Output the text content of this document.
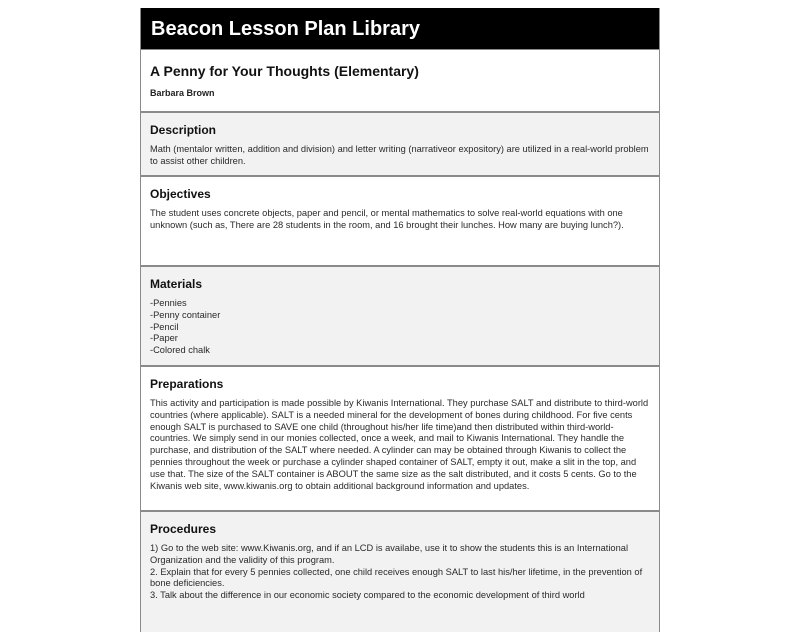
Beacon Lesson Plan Library
A Penny for Your Thoughts (Elementary)

Barbara Brown

Description

Math (mentalor written, addition and division) and letter writing (narrativeor expository) are utilized in a real-world problem to assist other children.

Objectives

The student uses concrete objects, paper and pencil, or mental mathematics to solve real-world equations with one unknown (such as, There are 28 students in the room, and 16 brought their lunches. How many are buying lunch?).

Materials
-Pennies
-Penny container
-Pencil
-Paper
-Colored chalk
Preparations

This activity and participation is made possible by Kiwanis International. They purchase SALT and distribute to third-world countries (where applicable). SALT is a needed mineral for the development of bones during childhood. For five cents enough SALT is purchased to SAVE one child (throughout his/her life time)and then distributed within third-world-countries. We simply send in our monies collected, once a week, and mail to Kiwanis International. They handle the purchase, and distribution of the SALT where needed. A cylinder can may be obtained through Kiwanis to collect the pennies throughout the week or purchase a cylinder shaped container of SALT, empty it out, make a slit in the top, and use that. The size of the SALT container is ABOUT the same size as the salt distributed, and it costs 5 cents. Go to the Kiwanis web site, www.kiwanis.org to obtain additional background information and updates.

Procedures

1) Go to the web site: www.Kiwanis.org, and if an LCD is availabe, use it to show the students this is an International Organization and the validity of this program.

2. Explain that for every 5 pennies collected, one child receives enough SALT to last his/her lifetime, in the prevention of bone deficiencies.

3. Talk about the difference in our economic society compared to the economic development of third world
